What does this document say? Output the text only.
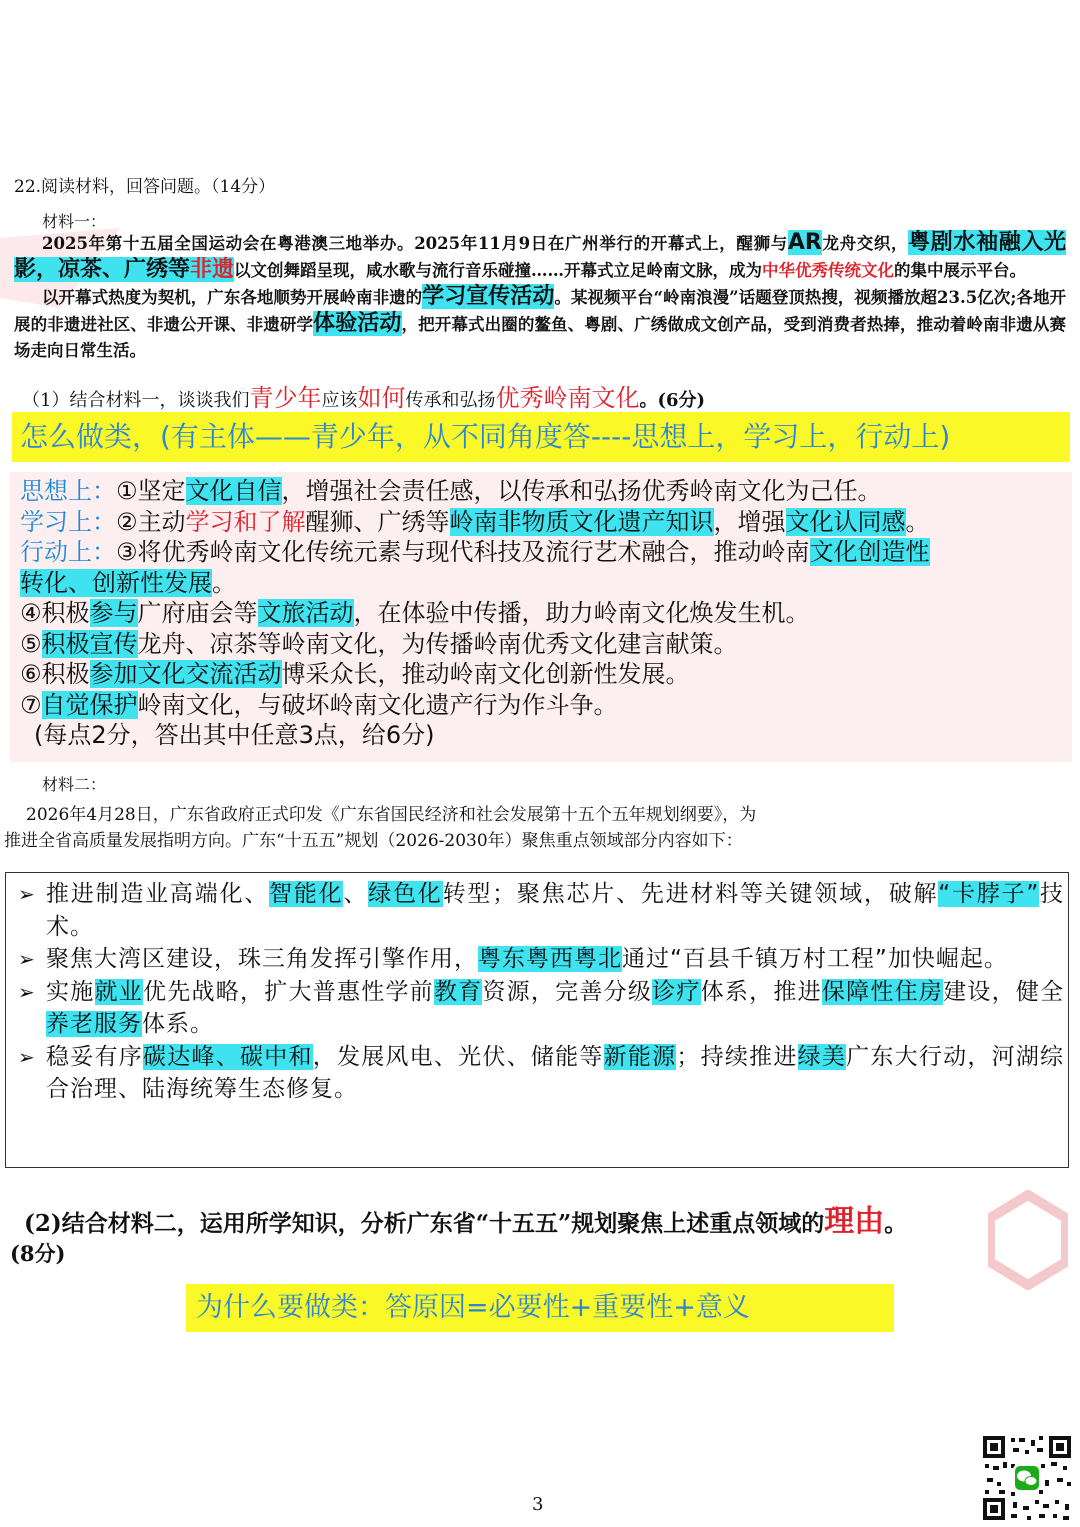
22.阅读材料，回答问题。（14分）
材料一：

2025年第十五届全国运动会在粤港澳三地举办。2025年11月9日在广州举行的开幕式上，醒狮与AR龙舟交织，粤剧水袖融入光影，凉茶、广绣等非遗以文创舞蹈呈现，咸水歌与流行音乐碰撞……开幕式立足岭南文脉，成为中华优秀传统文化的集中展示平台。

以开幕式热度为契机，广东各地顺势开展岭南非遗的学习宣传活动。某视频平台“岭南浪漫”话题登顶热搜，视频播放超23.5亿次;各地开展的非遗进社区、非遗公开课、非遗研学体验活动，把开幕式出圈的鳌鱼、粤剧、广绣做成文创产品，受到消费者热捧，推动着岭南非遗从赛场走向日常生活。

（1）结合材料一，谈谈我们青少年应该如何传承和弘扬优秀岭南文化。(6分)
怎么做类，(有主体——青少年，从不同角度答----思想上，学习上，行动上)
思想上：①坚定文化自信，增强社会责任感，以传承和弘扬优秀岭南文化为己任。
学习上：②主动学习和了解醒狮、广绣等岭南非物质文化遗产知识，增强文化认同感。
行动上：③将优秀岭南文化传统元素与现代科技及流行艺术融合，推动岭南文化创造性
转化、创新性发展。
④积极参与广府庙会等文旅活动，在体验中传播，助力岭南文化焕发生机。
⑤积极宣传龙舟、凉茶等岭南文化，为传播岭南优秀文化建言献策。
⑥积极参加文化交流活动博采众长，推动岭南文化创新性发展。
⑦自觉保护岭南文化，与破坏岭南文化遗产行为作斗争。
(每点2分，答出其中任意3点，给6分)
材料二：
2026年4月28日，广东省政府正式印发《广东省国民经济和社会发展第十五个五年规划纲要》，为
推进全省高质量发展指明方向。广东“十五五”规划（2026-2030年）聚焦重点领域部分内容如下：
➢ 推进制造业高端化、智能化、绿色化转型；聚焦芯片、先进材料等关键领域，破解“卡脖子”技术。
➢ 聚焦大湾区建设，珠三角发挥引擎作用，粤东粤西粤北通过“百县千镇万村工程”加快崛起。
➢ 实施就业优先战略，扩大普惠性学前教育资源，完善分级诊疗体系，推进保障性住房建设，健全养老服务体系。
➢ 稳妥有序碳达峰、碳中和，发展风电、光伏、储能等新能源；持续推进绿美广东大行动，河湖综合治理、陆海统筹生态修复。
(2)结合材料二，运用所学知识，分析广东省“十五五”规划聚焦上述重点领域的理由。
(8分)
为什么要做类：答原因=必要性+重要性+意义
3
